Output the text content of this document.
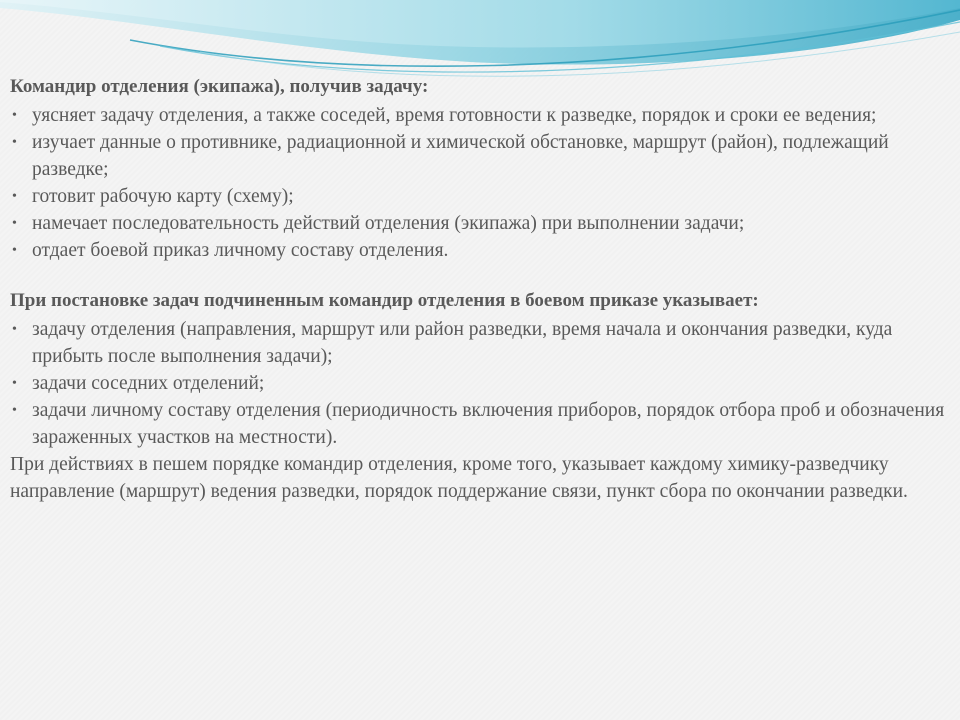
Командир отделения (экипажа), получив задачу:

• уясняет задачу отделения, а также соседей, время готовности к разведке, порядок и сроки ее ведения;
• изучает данные о противнике, радиационной и химической обстановке, маршрут (район), подлежащий разведке;
• готовит рабочую карту (схему);
• намечает последовательность действий отделения (экипажа) при выполнении задачи;
• отдает боевой приказ личному составу отделения.

При постановке задач подчиненным командир отделения в боевом приказе указывает:

• задачу отделения (направления, маршрут или район разведки, время начала и окончания разведки, куда прибыть после выполнения задачи);
• задачи соседних отделений;
• задачи личному составу отделения (периодичность включения приборов, порядок отбора проб и обозначения зараженных участков на местности).

При действиях в пешем порядке командир отделения, кроме того, указывает каждому химику-разведчику направление (маршрут) ведения разведки, порядок поддержание связи, пункт сбора по окончании разведки.
